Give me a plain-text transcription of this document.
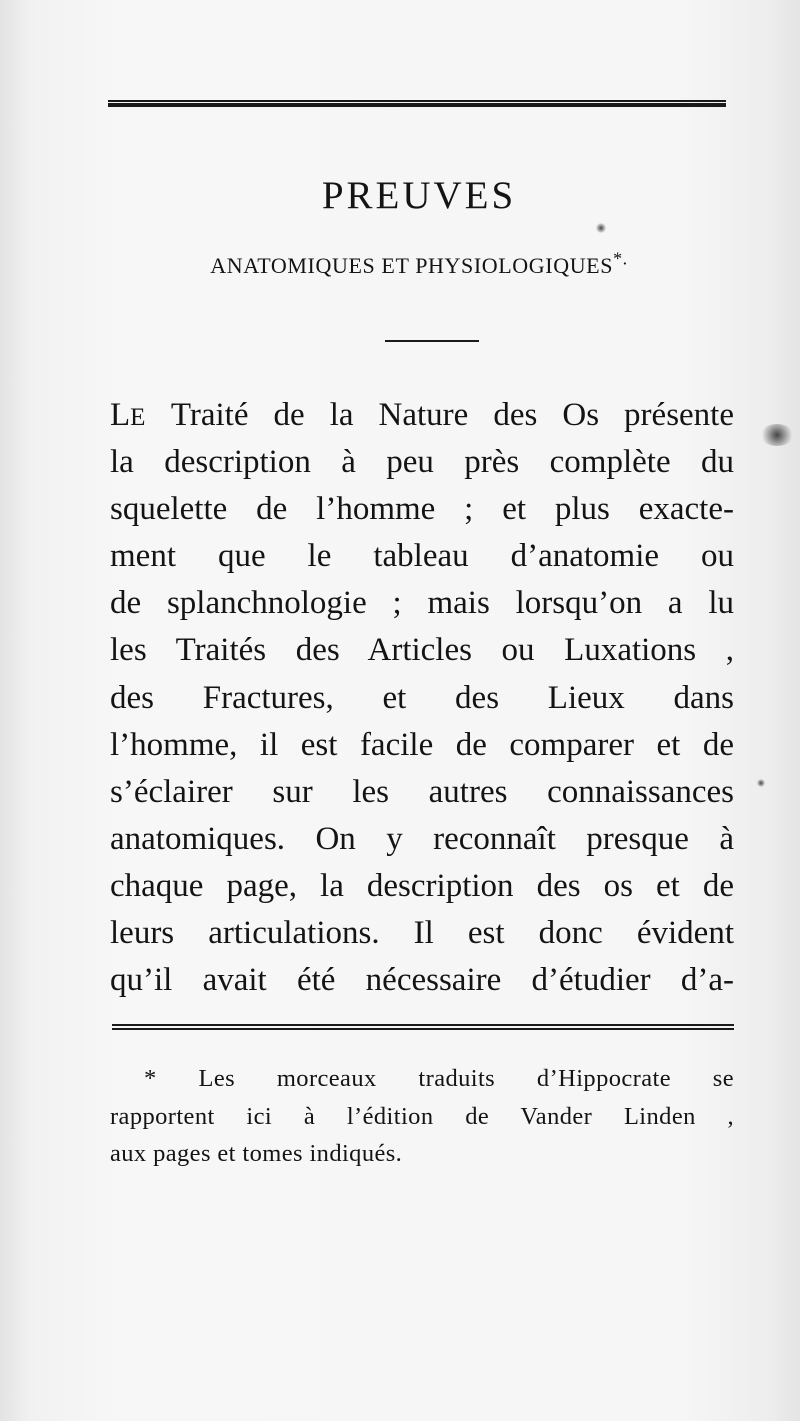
PREUVES
ANATOMIQUES ET PHYSIOLOGIQUES*.
LE Traité de la Nature des Os présente
la description à peu près complète du
squelette de l’homme ; et plus exacte-
ment que le tableau d’anatomie ou
de splanchnologie ; mais lorsqu’on a lu
les Traités des Articles ou Luxations ,
des Fractures, et des Lieux dans
l’homme, il est facile de comparer et de
s’éclairer sur les autres connaissances
anatomiques. On y reconnaît presque à
chaque page, la description des os et de
leurs articulations. Il est donc évident
qu’il avait été nécessaire d’étudier d’a-
* Les morceaux traduits d’Hippocrate se
rapportent ici à l’édition de Vander Linden ,
aux pages et tomes indiqués.
